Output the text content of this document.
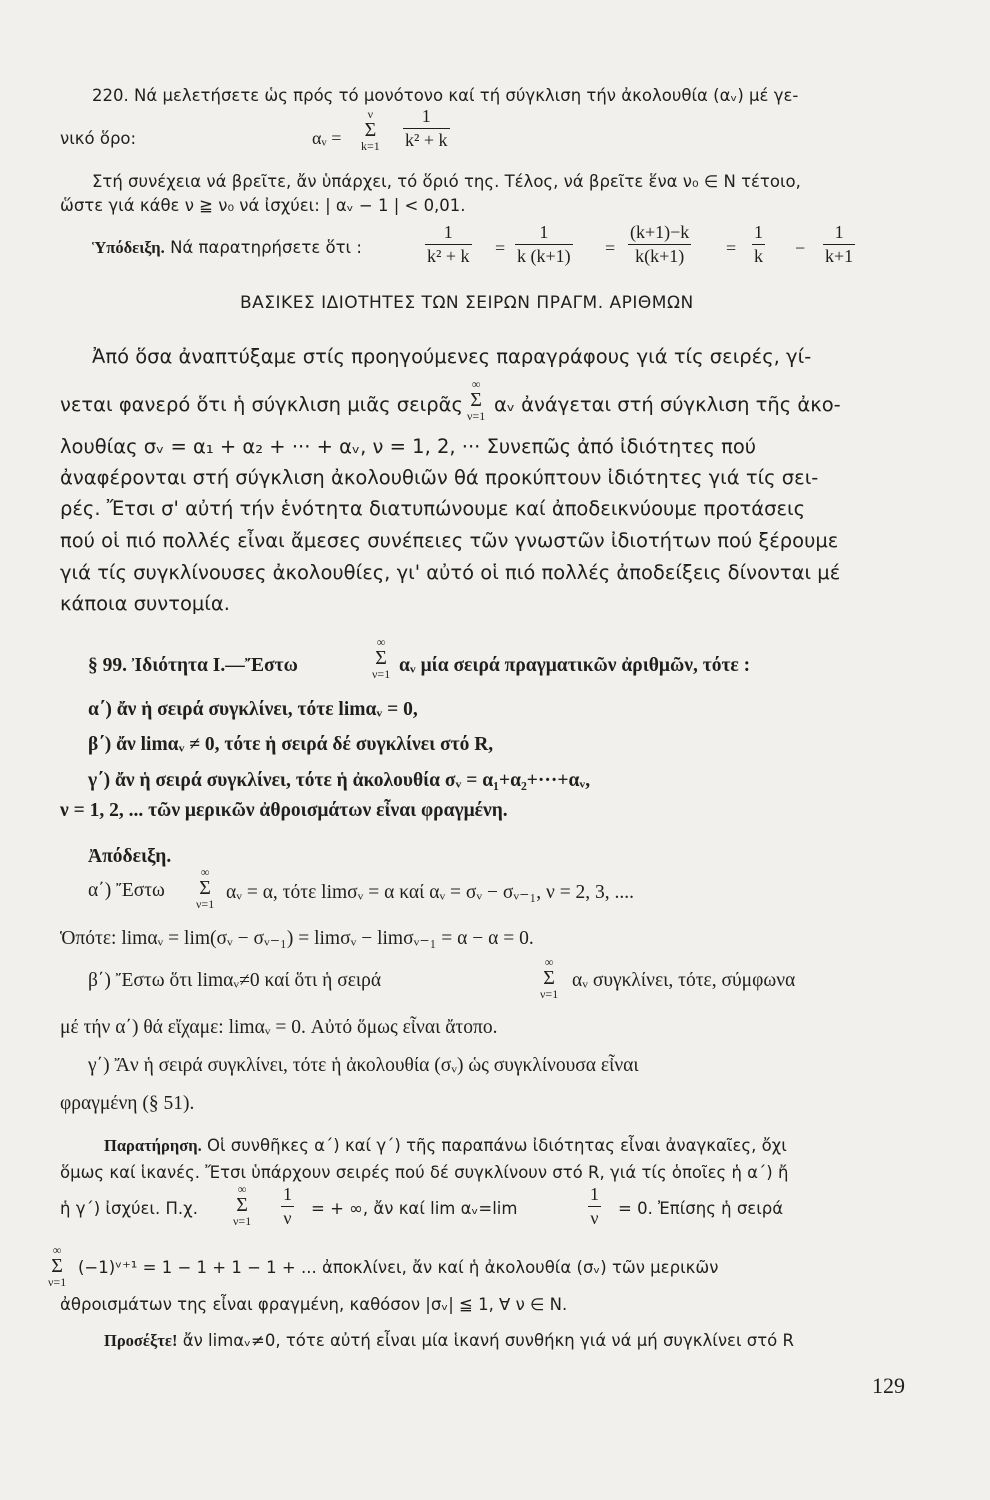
220. Νά μελετήσετε ὡς πρός τό μονότονο καί τή σύγκλιση τήν ἀκολουθία (αᵥ) μέ γε-
νικό ὅρο:	αᵥ =
ν
Σ
k=1
1
k² + k
Στή συνέχεια νά βρεῖτε, ἄν ὑπάρχει, τό ὅριό της. Τέλος, νά βρεῖτε ἕνα ν₀ ∈ N τέτοιο,
ὥστε γιά κάθε ν ≧ ν₀ νά ἰσχύει: | αᵥ − 1 | < 0,01.
Ὑπόδειξη. Νά παρατηρήσετε ὅτι :
1
k² + k =
1
k (k+1) =
(k+1)−k
k(k+1)	=
1
k −
1
k+1
ΒΑΣΙΚΕΣ ΙΔΙΟΤΗΤΕΣ ΤΩΝ ΣΕΙΡΩΝ ΠΡΑΓΜ. ΑΡΙΘΜΩΝ
Ἀπό ὅσα ἀναπτύξαμε στίς προηγούμενες παραγράφους γιά τίς σειρές, γί-
νεται φανερό ὅτι ἡ σύγκλιση μιᾶς σειρᾶς
∞
Σ
ν=1 αᵥ ἀνάγεται στή σύγκλιση τῆς ἀκο-
λουθίας σᵥ = α₁ + α₂ + ··· + αᵥ, ν = 1, 2, ··· Συνεπῶς ἀπό ἰδιότητες πού
ἀναφέρονται στή σύγκλιση ἀκολουθιῶν θά προκύπτουν ἰδιότητες γιά τίς σει-
ρές. Ἔτσι σ' αὐτή τήν ἑνότητα διατυπώνουμε καί ἀποδεικνύουμε προτάσεις
πού οἱ πιό πολλές εἶναι ἄμεσες συνέπειες τῶν γνωστῶν ἰδιοτήτων πού ξέρουμε
γιά τίς συγκλίνουσες ἀκολουθίες, γι' αὐτό οἱ πιό πολλές ἀποδείξεις δίνονται μέ
κάποια συντομία.
§ 99. Ἰδιότητα Ι.—Ἔστω
∞
Σ
ν=1 αᵥ μία σειρά πραγματικῶν ἀριθμῶν, τότε :
α΄) ἄν ἡ σειρά συγκλίνει, τότε limαᵥ = 0,
β΄) ἄν limαᵥ ≠ 0, τότε ἡ σειρά δέ συγκλίνει στό R,
γ΄) ἄν ἡ σειρά συγκλίνει, τότε ἡ ἀκολουθία σᵥ = α₁+α₂+···+αᵥ,
ν = 1, 2, ... τῶν μερικῶν ἀθροισμάτων εἶναι φραγμένη.
Ἀπόδειξη.
α΄) Ἔστω
∞
Σ
ν=1
αᵥ = α, τότε limσᵥ = α καί αᵥ = σᵥ − σᵥ₋₁, ν = 2, 3, ....
Ὁπότε: limαᵥ = lim(σᵥ − σᵥ₋₁) = limσᵥ − limσᵥ₋₁ = α − α = 0.
β΄) Ἔστω ὅτι limαᵥ≠0 καί ὅτι ἡ σειρά
∞
Σ
ν=1
αᵥ συγκλίνει, τότε, σύμφωνα
μέ τήν α΄) θά εἴχαμε: limαᵥ = 0. Αὐτό ὅμως εἶναι ἄτοπο.
γ΄) Ἄν ἡ σειρά συγκλίνει, τότε ἡ ἀκολουθία (σᵥ) ὡς συγκλίνουσα εἶναι
φραγμένη (§ 51).
Παρατήρηση. Οἱ συνθῆκες α΄) καί γ΄) τῆς παραπάνω ἰδιότητας εἶναι ἀναγκαῖες, ὄχι
ὅμως καί ἱκανές. Ἔτσι ὑπάρχουν σειρές πού δέ συγκλίνουν στό R, γιά τίς ὁποῖες ἡ α΄) ἤ
ἡ γ΄) ἰσχύει. Π.χ.
∞
Σ
ν=1
1
ν = + ∞, ἄν καί lim αᵥ=lim
1
ν = 0. Ἐπίσης ἡ σειρά
∞
Σ
ν=1
(−1)ᵛ⁺¹ = 1 − 1 + 1 − 1 + ... ἀποκλίνει, ἄν καί ἡ ἀκολουθία (σᵥ) τῶν μερικῶν
ἀθροισμάτων της εἶναι φραγμένη, καθόσον |σᵥ| ≦ 1, ∀ ν ∈ N.
Προσέξτε! ἄν limαᵥ≠0, τότε αὐτή εἶναι μία ἱκανή συνθήκη γιά νά μή συγκλίνει στό R
129
